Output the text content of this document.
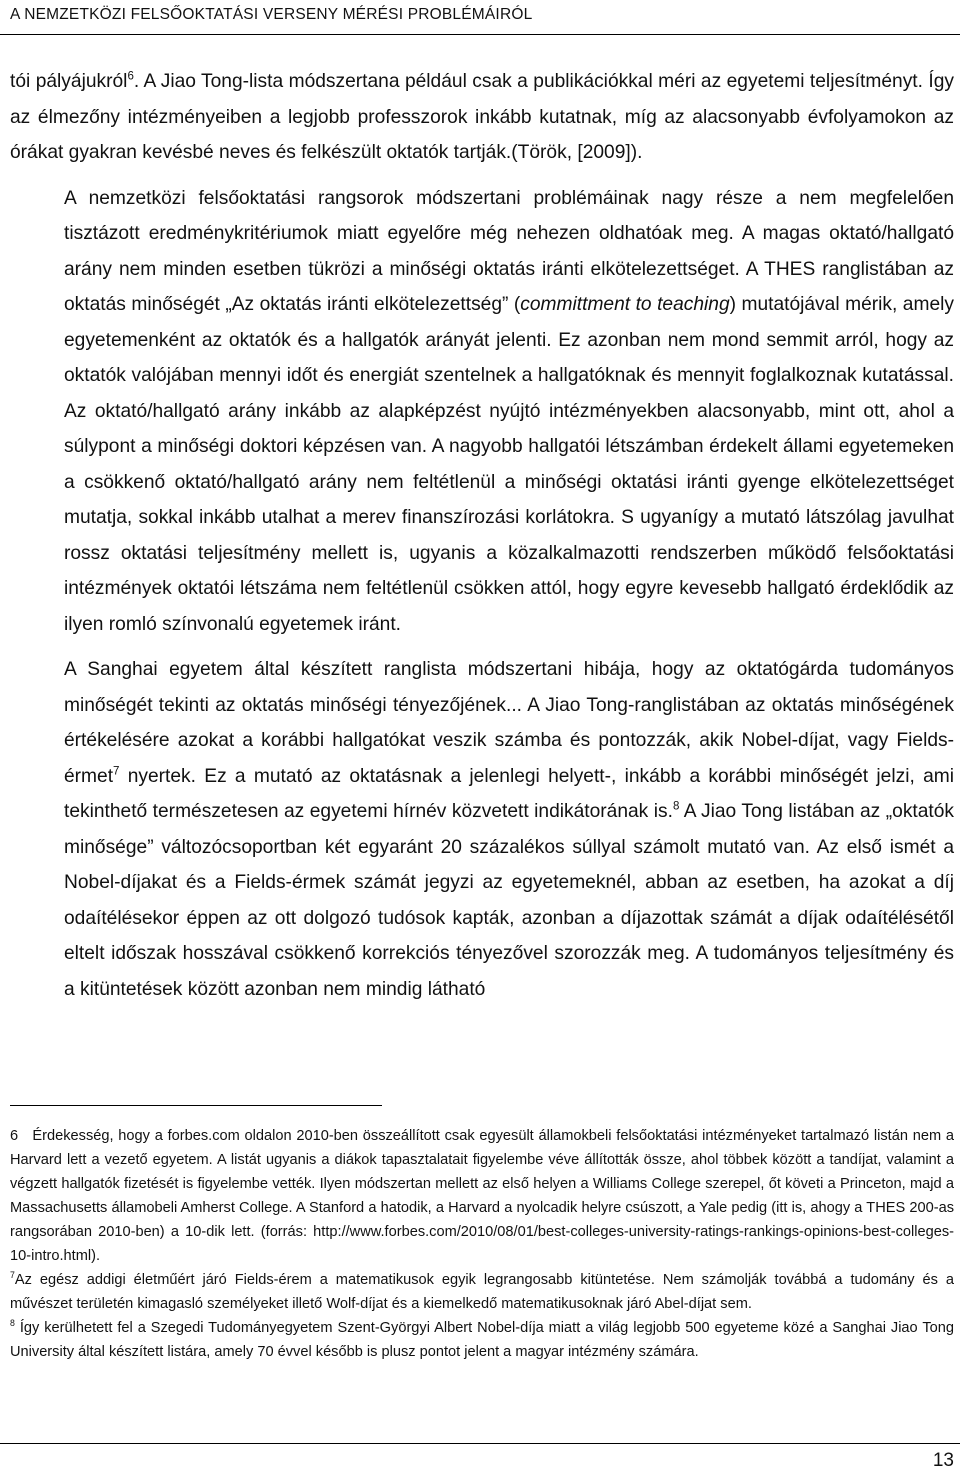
A NEMZETKÖZI FELSŐOKTATÁSI VERSENY MÉRÉSI PROBLÉMÁIRÓL

tói pályájukról$^6$. A Jiao Tong-lista módszertana például csak a publikációkkal méri az egyetemi teljesítményt. Így az élmezőny intézményeiben a legjobb professzorok inkább kutatnak, míg az alacsonyabb évfolyamokon az órákat gyakran kevésbé neves és felkészült oktatók tartják.(Török, [2009]).

A nemzetközi felsőoktatási rangsorok módszertani problémáinak nagy része a nem megfelelően tisztázott eredménykritériumok miatt egyelőre még nehezen oldhatóak meg. A magas oktató/hallgató arány nem minden esetben tükrözi a minőségi oktatás iránti elkötelezettséget. A THES ranglistában az oktatás minőségét „Az oktatás iránti elkötelezettség” (committment to teaching) mutatójával mérik, amely egyetemenként az oktatók és a hallgatók arányát jelenti. Ez azonban nem mond semmit arról, hogy az oktatók valójában mennyi időt és energiát szentelnek a hallgatóknak és mennyit foglalkoznak kutatással. Az oktató/hallgató arány inkább az alapképzést nyújtó intézményekben alacsonyabb, mint ott, ahol a súlypont a minőségi doktori képzésen van. A nagyobb hallgatói létszámban érdekelt állami egyetemeken a csökkenő oktató/hallgató arány nem feltétlenül a minőségi oktatási iránti gyenge elkötelezettséget mutatja, sokkal inkább utalhat a merev finanszírozási korlátokra. S ugyanígy a mutató látszólag javulhat rossz oktatási teljesítmény mellett is, ugyanis a közalkalmazotti rendszerben működő felsőoktatási intézmények oktatói létszáma nem feltétlenül csökken attól, hogy egyre kevesebb hallgató érdeklődik az ilyen romló színvonalú egyetemek iránt.

A Sanghai egyetem által készített ranglista módszertani hibája, hogy az oktatógárda tudományos minőségét tekinti az oktatás minőségi tényezőjének... A Jiao Tong-ranglistában az oktatás minőségének értékelésére azokat a korábbi hallgatókat veszik számba és pontozzák, akik Nobel-díjat, vagy Fields-érmet$^7$ nyertek. Ez a mutató az oktatásnak a jelenlegi helyett-, inkább a korábbi minőségét jelzi, ami tekinthető természetesen az egyetemi hírnév közvetett indikátorának is.$^8$ A Jiao Tong listában az „oktatók minősége” változócsoportban két egyaránt 20 százalékos súllyal számolt mutató van. Az első ismét a Nobel-díjakat és a Fields-érmek számát jegyzi az egyetemeknél, abban az esetben, ha azokat a díj odaítélésekor éppen az ott dolgozó tudósok kapták, azonban a díjazottak számát a díjak odaítélésétől eltelt időszak hosszával csökkenő korrekciós tényezővel szorozzák meg. A tudományos teljesítmény és a kitüntetések között azonban nem mindig látható

6 Érdekesség, hogy a forbes.com oldalon 2010-ben összeállított csak egyesült államokbeli felsőoktatási intézményeket tartalmazó listán nem a Harvard lett a vezető egyetem. A listát ugyanis a diákok tapasztalatait figyelembe véve állították össze, ahol többek között a tandíjat, valamint a végzett hallgatók fizetését is figyelembe vették. Ilyen módszertan mellett az első helyen a Williams College szerepel, őt követi a Princeton, majd a Massachusetts államobeli Amherst College. A Stanford a hatodik, a Harvard a nyolcadik helyre csúszott, a Yale pedig (itt is, ahogy a THES 200-as rangsorában 2010-ben) a 10-dik lett. (forrás: http://www.forbes.com/2010/08/01/best-colleges-university-ratings-rankings-opinions-best-colleges-10-intro.html).

$^7$Az egész addigi életműért járó Fields-érem a matematikusok egyik legrangosabb kitüntetése. Nem számolják továbbá a tudomány és a művészet területén kimagasló személyeket illető Wolf-díjat és a kiemelkedő matematikusoknak járó Abel-díjat sem.

$^8$ Így kerülhetett fel a Szegedi Tudományegyetem Szent-Györgyi Albert Nobel-díja miatt a világ legjobb 500 egyeteme közé a Sanghai Jiao Tong University által készített listára, amely 70 évvel később is plusz pontot jelent a magyar intézmény számára.

13
